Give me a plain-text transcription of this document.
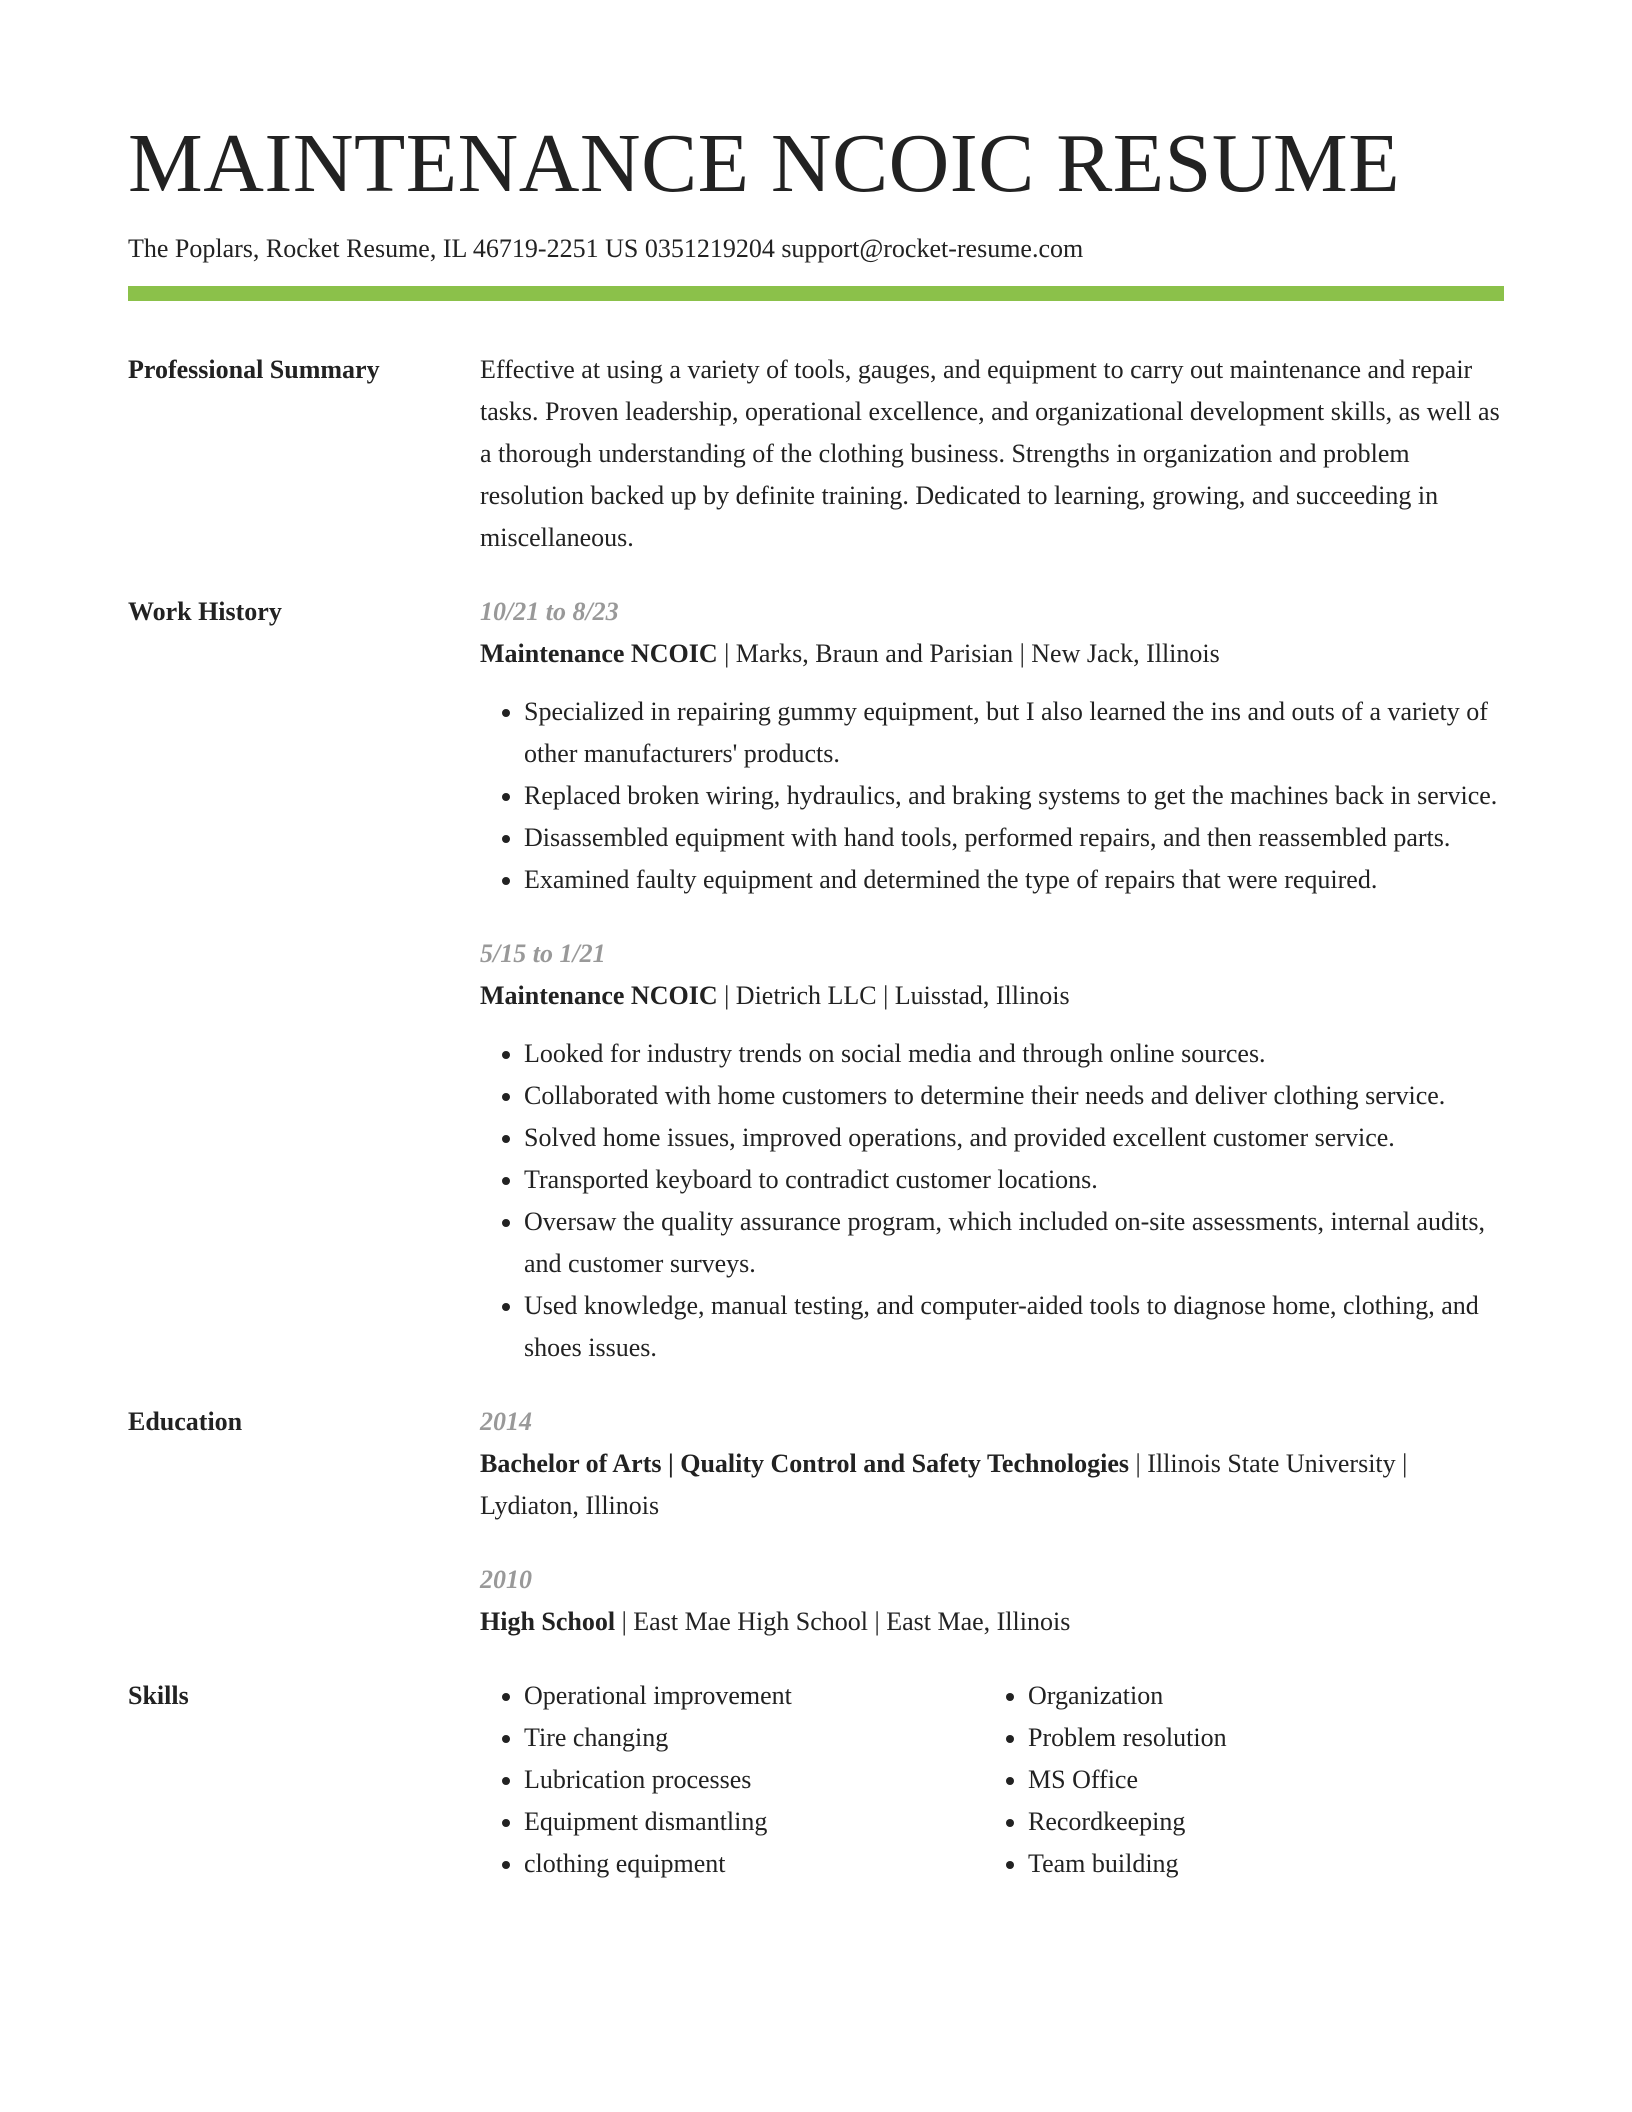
MAINTENANCE NCOIC RESUME
The Poplars, Rocket Resume, IL 46719-2251 US 0351219204 support@rocket-resume.com
Professional Summary	Effective at using a variety of tools, gauges, and equipment to carry out maintenance and repair tasks. Proven leadership, operational excellence, and organizational development skills, as well as a thorough understanding of the clothing business. Strengths in organization and problem resolution backed up by definite training. Dedicated to learning, growing, and succeeding in miscellaneous.
Work History	10/21 to 8/23
Maintenance NCOIC | Marks, Braun and Parisian | New Jack, Illinois
• Specialized in repairing gummy equipment, but I also learned the ins and outs of a variety of other manufacturers' products.
• Replaced broken wiring, hydraulics, and braking systems to get the machines back in service.
• Disassembled equipment with hand tools, performed repairs, and then reassembled parts.
• Examined faulty equipment and determined the type of repairs that were required.
5/15 to 1/21
Maintenance NCOIC | Dietrich LLC | Luisstad, Illinois
• Looked for industry trends on social media and through online sources.
• Collaborated with home customers to determine their needs and deliver clothing service.
• Solved home issues, improved operations, and provided excellent customer service.
• Transported keyboard to contradict customer locations.
• Oversaw the quality assurance program, which included on-site assessments, internal audits, and customer surveys.
• Used knowledge, manual testing, and computer-aided tools to diagnose home, clothing, and shoes issues.
Education	2014
Bachelor of Arts | Quality Control and Safety Technologies | Illinois State University | Lydiaton, Illinois
2010
High School | East Mae High School | East Mae, Illinois
Skills
•	Operational improvement
• Tire changing
• Lubrication processes
• Equipment dismantling
• clothing equipment
• Organization
• Problem resolution
• MS Office
• Recordkeeping
• Team building
